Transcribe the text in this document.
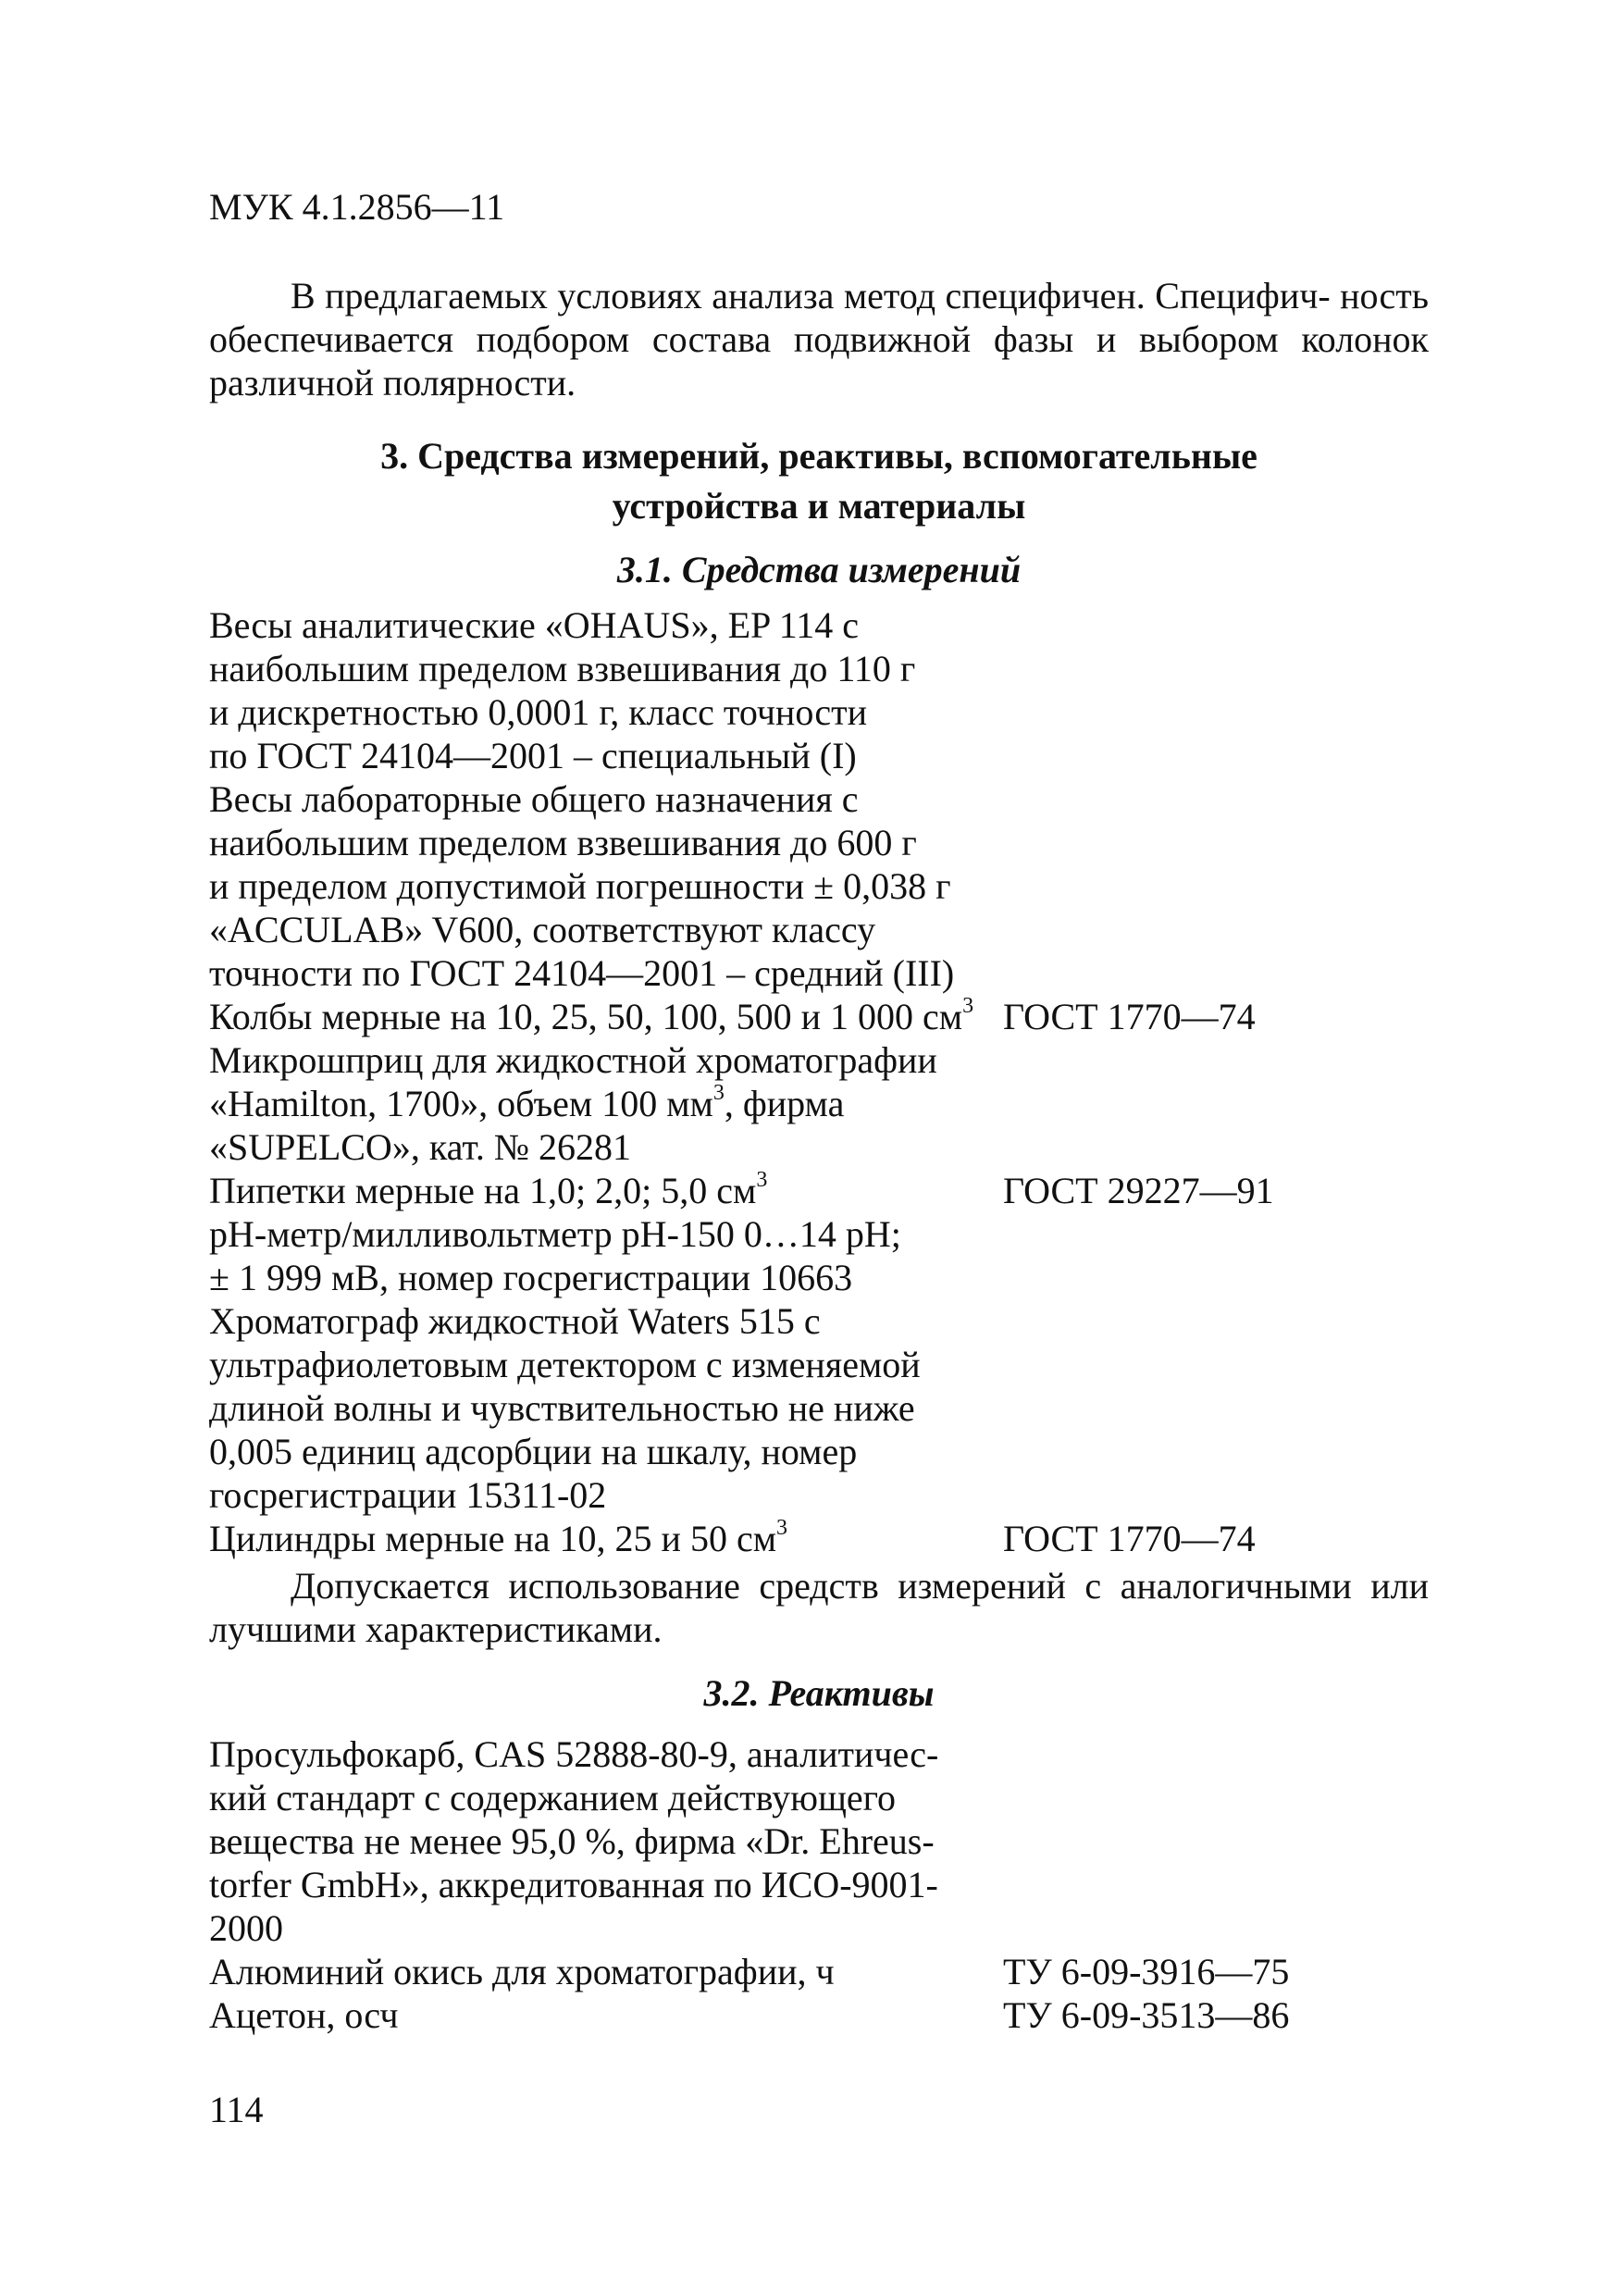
МУК 4.1.2856—11
В предлагаемых условиях анализа метод специфичен. Специфич- ность обеспечивается подбором состава подвижной фазы и выбором колонок различной полярности.
3. Средства измерений, реактивы, вспомогательные
устройства и материалы
3.1. Средства измерений
Весы аналитические «OHAUS», EP 114 с
наибольшим пределом взвешивания до 110 г
и дискретностью 0,0001 г, класс точности
по ГОСТ 24104—2001 – специальный (I)
Весы лабораторные общего назначения с
наибольшим пределом взвешивания до 600 г
и пределом допустимой погрешности ± 0,038 г
«ACCULAB» V600, соответствуют классу
точности по ГОСТ 24104—2001 – средний (III)
Колбы мерные на 10, 25, 50, 100, 500 и 1 000 $см^3$ ГОСТ 1770—74
Микрошприц для жидкостной хроматографии
«Hamilton, 1700», объем 100 $мм^3$, фирма
«SUPELCO», кат. № 26281
Пипетки мерные на 1,0; 2,0; 5,0 $см^3$	ГОСТ 29227—91
pH-метр/милливольтметр pH-150 0…14 pH;
± 1 999 мВ, номер госрегистрации 10663
Хроматограф жидкостной Waters 515 с
ультрафиолетовым детектором с изменяемой
длиной волны и чувствительностью не ниже
0,005 единиц адсорбции на шкалу, номер
госрегистрации 15311-02
Цилиндры мерные на 10, 25 и 50 $см^3$	ГОСТ 1770—74
Допускается использование средств измерений с аналогичными или лучшими характеристиками.
3.2. Реактивы
Просульфокарб, CAS 52888-80-9, аналитичес-
кий стандарт с содержанием действующего
вещества не менее 95,0 %, фирма «Dr. Ehreus-
torfer GmbH», аккредитованная по ИСО-9001-
2000
Алюминий окись для хроматографии, ч	ТУ 6-09-3916—75
Ацетон, осч	ТУ 6-09-3513—86
114
